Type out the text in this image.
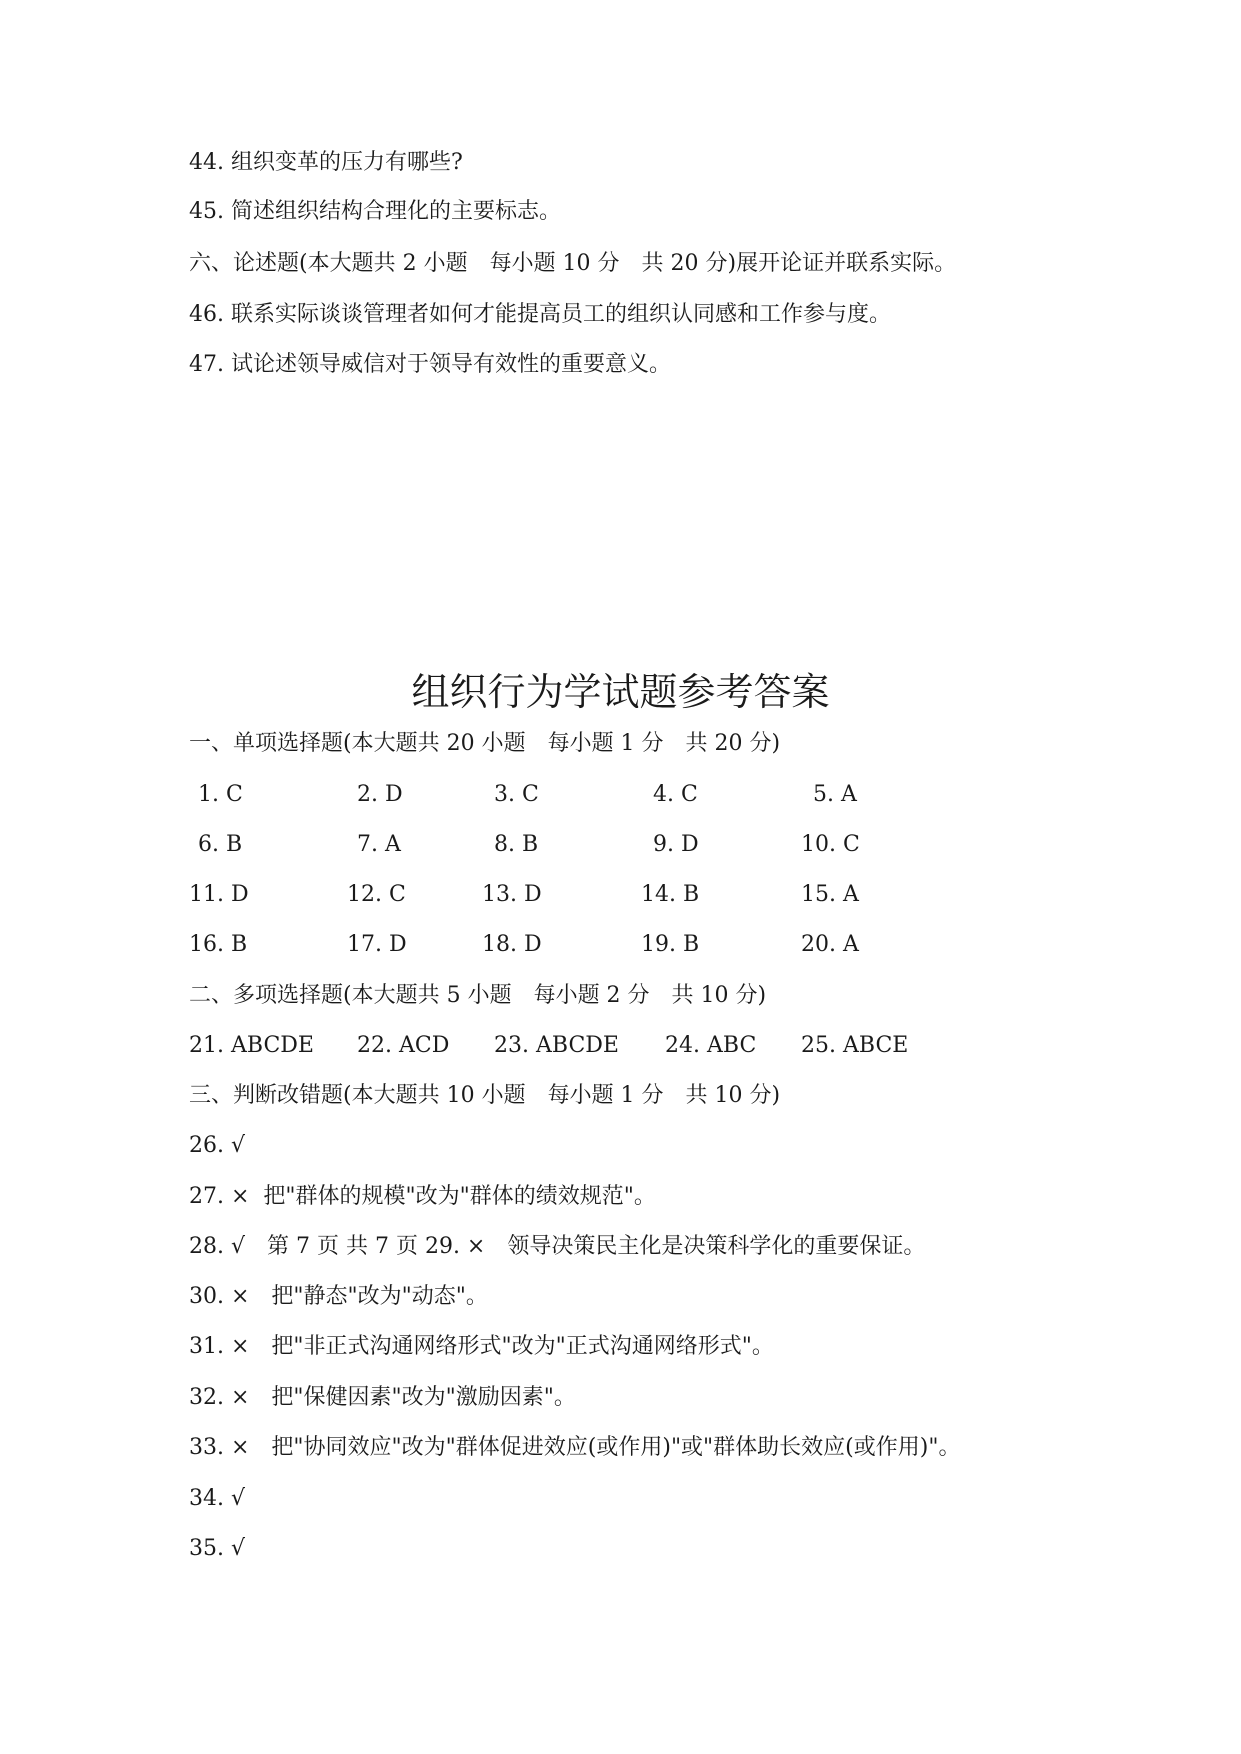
44. 组织变革的压力有哪些?
45. 简述组织结构合理化的主要标志。
六、论述题(本大题共 2 小题　每小题 10 分　共 20 分)展开论证并联系实际。
46. 联系实际谈谈管理者如何才能提高员工的组织认同感和工作参与度。
47. 试论述领导威信对于领导有效性的重要意义。
组织行为学试题参考答案
一、单项选择题(本大题共 20 小题　每小题 1 分　共 20 分)
1. C	2. D	3. C	4. C	5. A
6. B	7. A	8. B	9. D	10. C
11. D	12. C	13. D	14. B	15. A
16. B	17. D	18. D	19. B	20. A
二、多项选择题(本大题共 5 小题　每小题 2 分　共 10 分)
21. ABCDE 22. ACD 23. ABCDE 24. ABC 25. ABCE
三、判断改错题(本大题共 10 小题　每小题 1 分　共 10 分)
26. √
27. ×  把"群体的规模"改为"群体的绩效规范"。
28. √　第 7 页 共 7 页 29. ×　领导决策民主化是决策科学化的重要保证。
30. ×　把"静态"改为"动态"。
31. ×　把"非正式沟通网络形式"改为"正式沟通网络形式"。
32. ×　把"保健因素"改为"激励因素"。
33. ×　把"协同效应"改为"群体促进效应(或作用)"或"群体助长效应(或作用)"。
34. √
35. √
